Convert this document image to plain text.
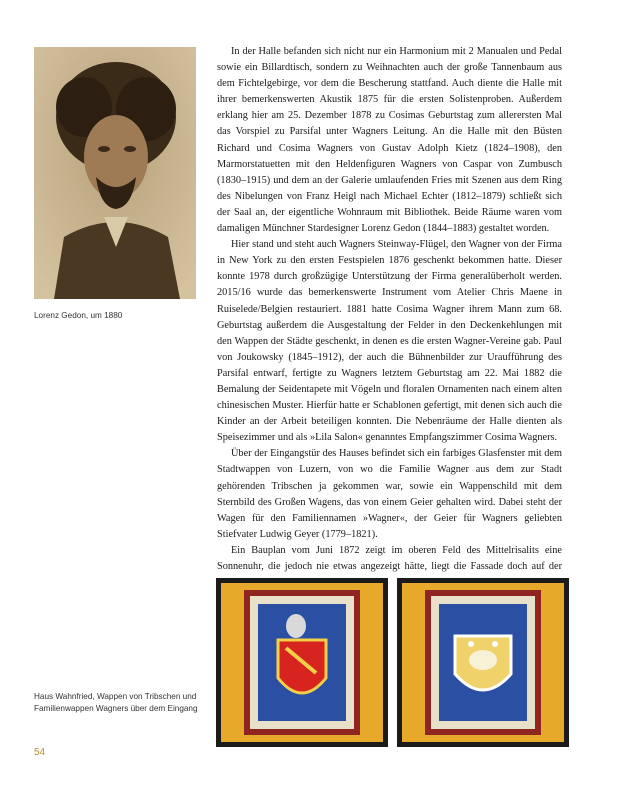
Lorenz Gedon, um 1880

In der Halle befanden sich nicht nur ein Harmonium mit 2 Manualen und Pedal sowie ein Billardtisch, sondern zu Weihnachten auch der große Tannenbaum aus dem Fichtelgebirge, vor dem die Bescherung stattfand. Auch diente die Halle mit ihrer bemerkenswerten Akustik 1875 für die ersten Solistenproben. Außerdem erklang hier am 25. Dezember 1878 zu Cosimas Geburtstag zum allerersten Mal das Vorspiel zu Parsifal unter Wagners Leitung. An die Halle mit den Büsten Richard und Cosima Wagners von Gustav Adolph Kietz (1824–1908), den Marmorstatuetten mit den Heldenfiguren Wagners von Caspar von Zumbusch (1830–1915) und dem an der Galerie umlaufenden Fries mit Szenen aus dem Ring des Nibelungen von Franz Heigl nach Michael Echter (1812–1879) schließt sich der Saal an, der eigentliche Wohnraum mit Bibliothek. Beide Räume waren vom damaligen Münchner Stardesigner Lorenz Gedon (1844–1883) gestaltet worden.

Hier stand und steht auch Wagners Steinway-Flügel, den Wagner von der Firma in New York zu den ersten Festspielen 1876 geschenkt bekommen hatte. Dieser konnte 1978 durch großzügige Unterstützung der Firma generalüberholt werden. 2015/16 wurde das bemerkenswerte Instrument vom Atelier Chris Maene in Ruiselede/Belgien restauriert. 1881 hatte Cosima Wagner ihrem Mann zum 68. Geburtstag außerdem die Ausgestaltung der Felder in den Deckenkehlungen mit den Wappen der Städte geschenkt, in denen es die ersten Wagner-Vereine gab. Paul von Joukowsky (1845–1912), der auch die Bühnenbilder zur Uraufführung des Parsifal entwarf, fertigte zu Wagners letztem Geburtstag am 22. Mai 1882 die Bemalung der Seidentapete mit Vögeln und floralen Ornamenten nach einem alten chinesischen Muster. Hierfür hatte er Schablonen gefertigt, mit denen sich auch die Kinder an der Arbeit beteiligen konnten. Die Nebenräume der Halle dienten als Speisezimmer und als »Lila Salon« genanntes Empfangszimmer Cosima Wagners.

Über der Eingangstür des Hauses befindet sich ein farbiges Glasfenster mit dem Stadtwappen von Luzern, von wo die Familie Wagner aus dem zur Stadt gehörenden Tribschen ja gekommen war, sowie ein Wappenschild mit dem Sternbild des Großen Wagens, das von einem Geier gehalten wird. Dabei steht der Wagen für den Familiennamen »Wagner«, der Geier für Wagners geliebten Stiefvater Ludwig Geyer (1779–1821).

Ein Bauplan vom Juni 1872 zeigt im oberen Feld des Mittelrisalits eine Sonnenuhr, die jedoch nie etwas angezeigt hätte, liegt die Fassade doch auf der

Haus Wahnfried, Wappen von Tribschen und Familienwappen Wagners über dem Eingang
54
